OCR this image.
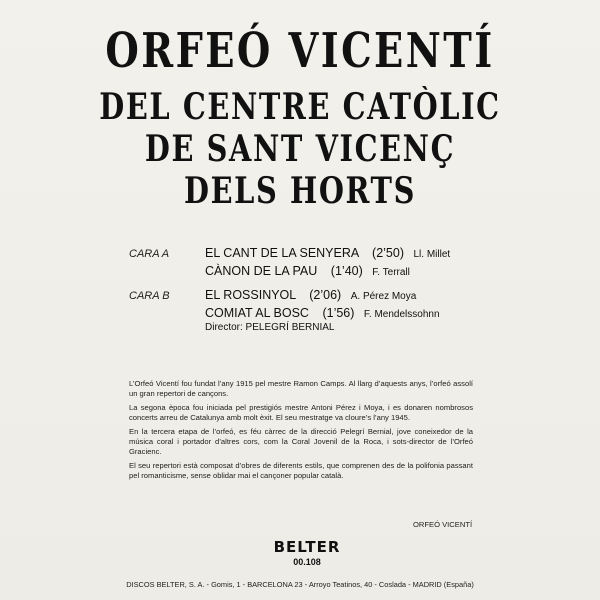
ORFEÓ VICENTÍ
DEL CENTRE CATÒLIC
DE SANT VICENÇ
DELS HORTS
CARA A	EL CANT DE LA SENYERA (2’50) Ll. Millet
CÀNON DE LA PAU (1’40) F. Terrall
CARA B	EL ROSSINYOL (2’06) A. Pérez Moya
COMIAT AL BOSC (1’56) F. Mendelssohnn
Director: PELEGRÍ BERNIAL

L’Orfeó Vicentí fou fundat l’any 1915 pel mestre Ramon Camps. Al llarg d’aquests anys, l’orfeó assolí un gran repertori de cançons.

La segona època fou iniciada pel prestigiós mestre Antoni Pérez i Moya, i es donaren nombrosos concerts arreu de Catalunya amb molt èxit. El seu mestratge va cloure’s l’any 1945.

En la tercera etapa de l’orfeó, es féu càrrec de la direcció Pelegrí Bernial, jove coneixedor de la música coral i portador d’altres cors, com la Coral Jovenil de la Roca, i sots-director de l’Orfeó Gracienc.

El seu repertori està composat d’obres de diferents estils, que comprenen des de la polifonia passant pel romanticisme, sense oblidar mai el cançoner popular català.

ORFEÓ VICENTÍ
BELTER
00.108
DISCOS BELTER, S. A. - Gomis, 1 - BARCELONA 23 - Arroyo Teatinos, 40 - Coslada - MADRID (España)
